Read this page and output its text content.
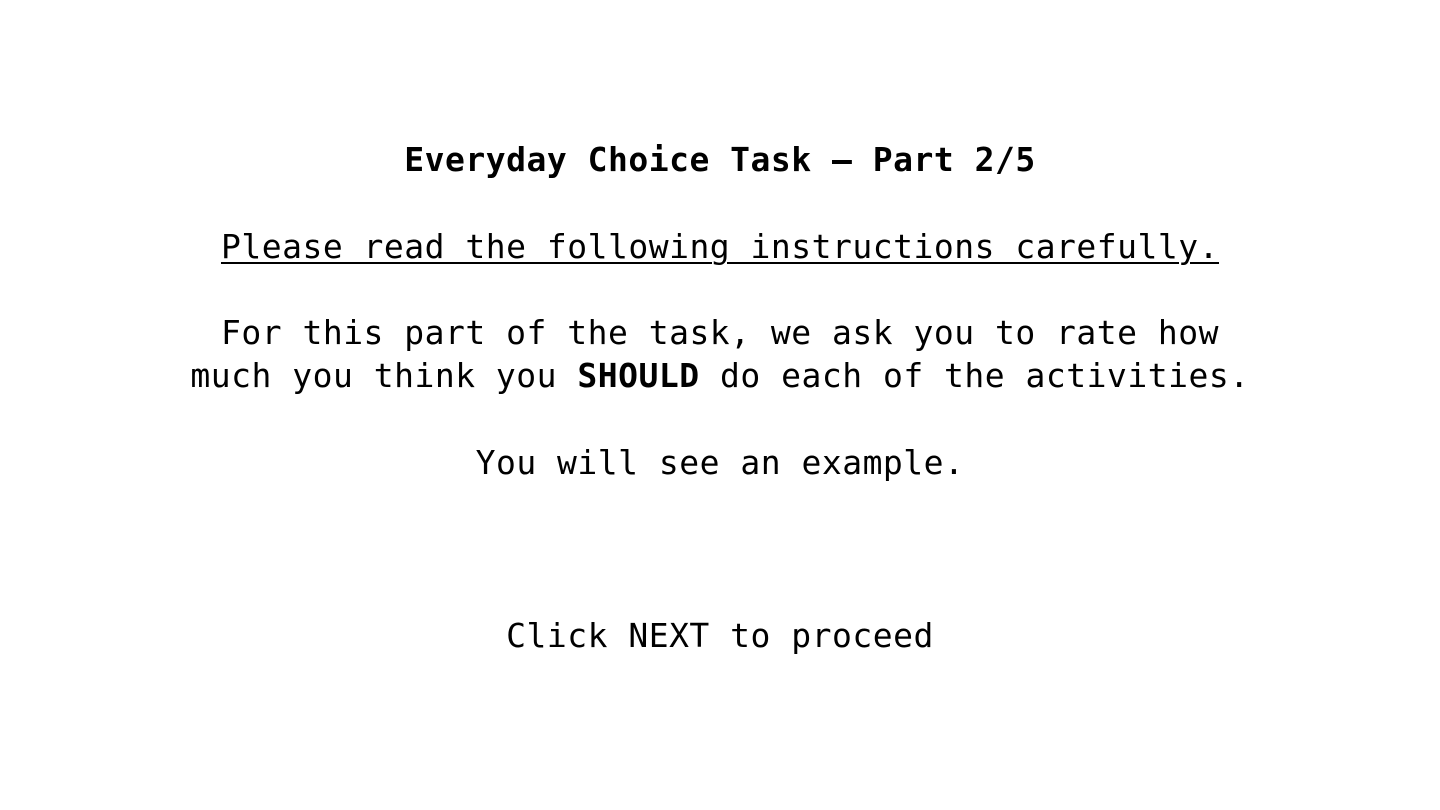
Everyday Choice Task – Part 2/5
Please read the following instructions carefully.
For this part of the task, we ask you to rate how
much you think you SHOULD do each of the activities.
You will see an example.
Click NEXT to proceed
